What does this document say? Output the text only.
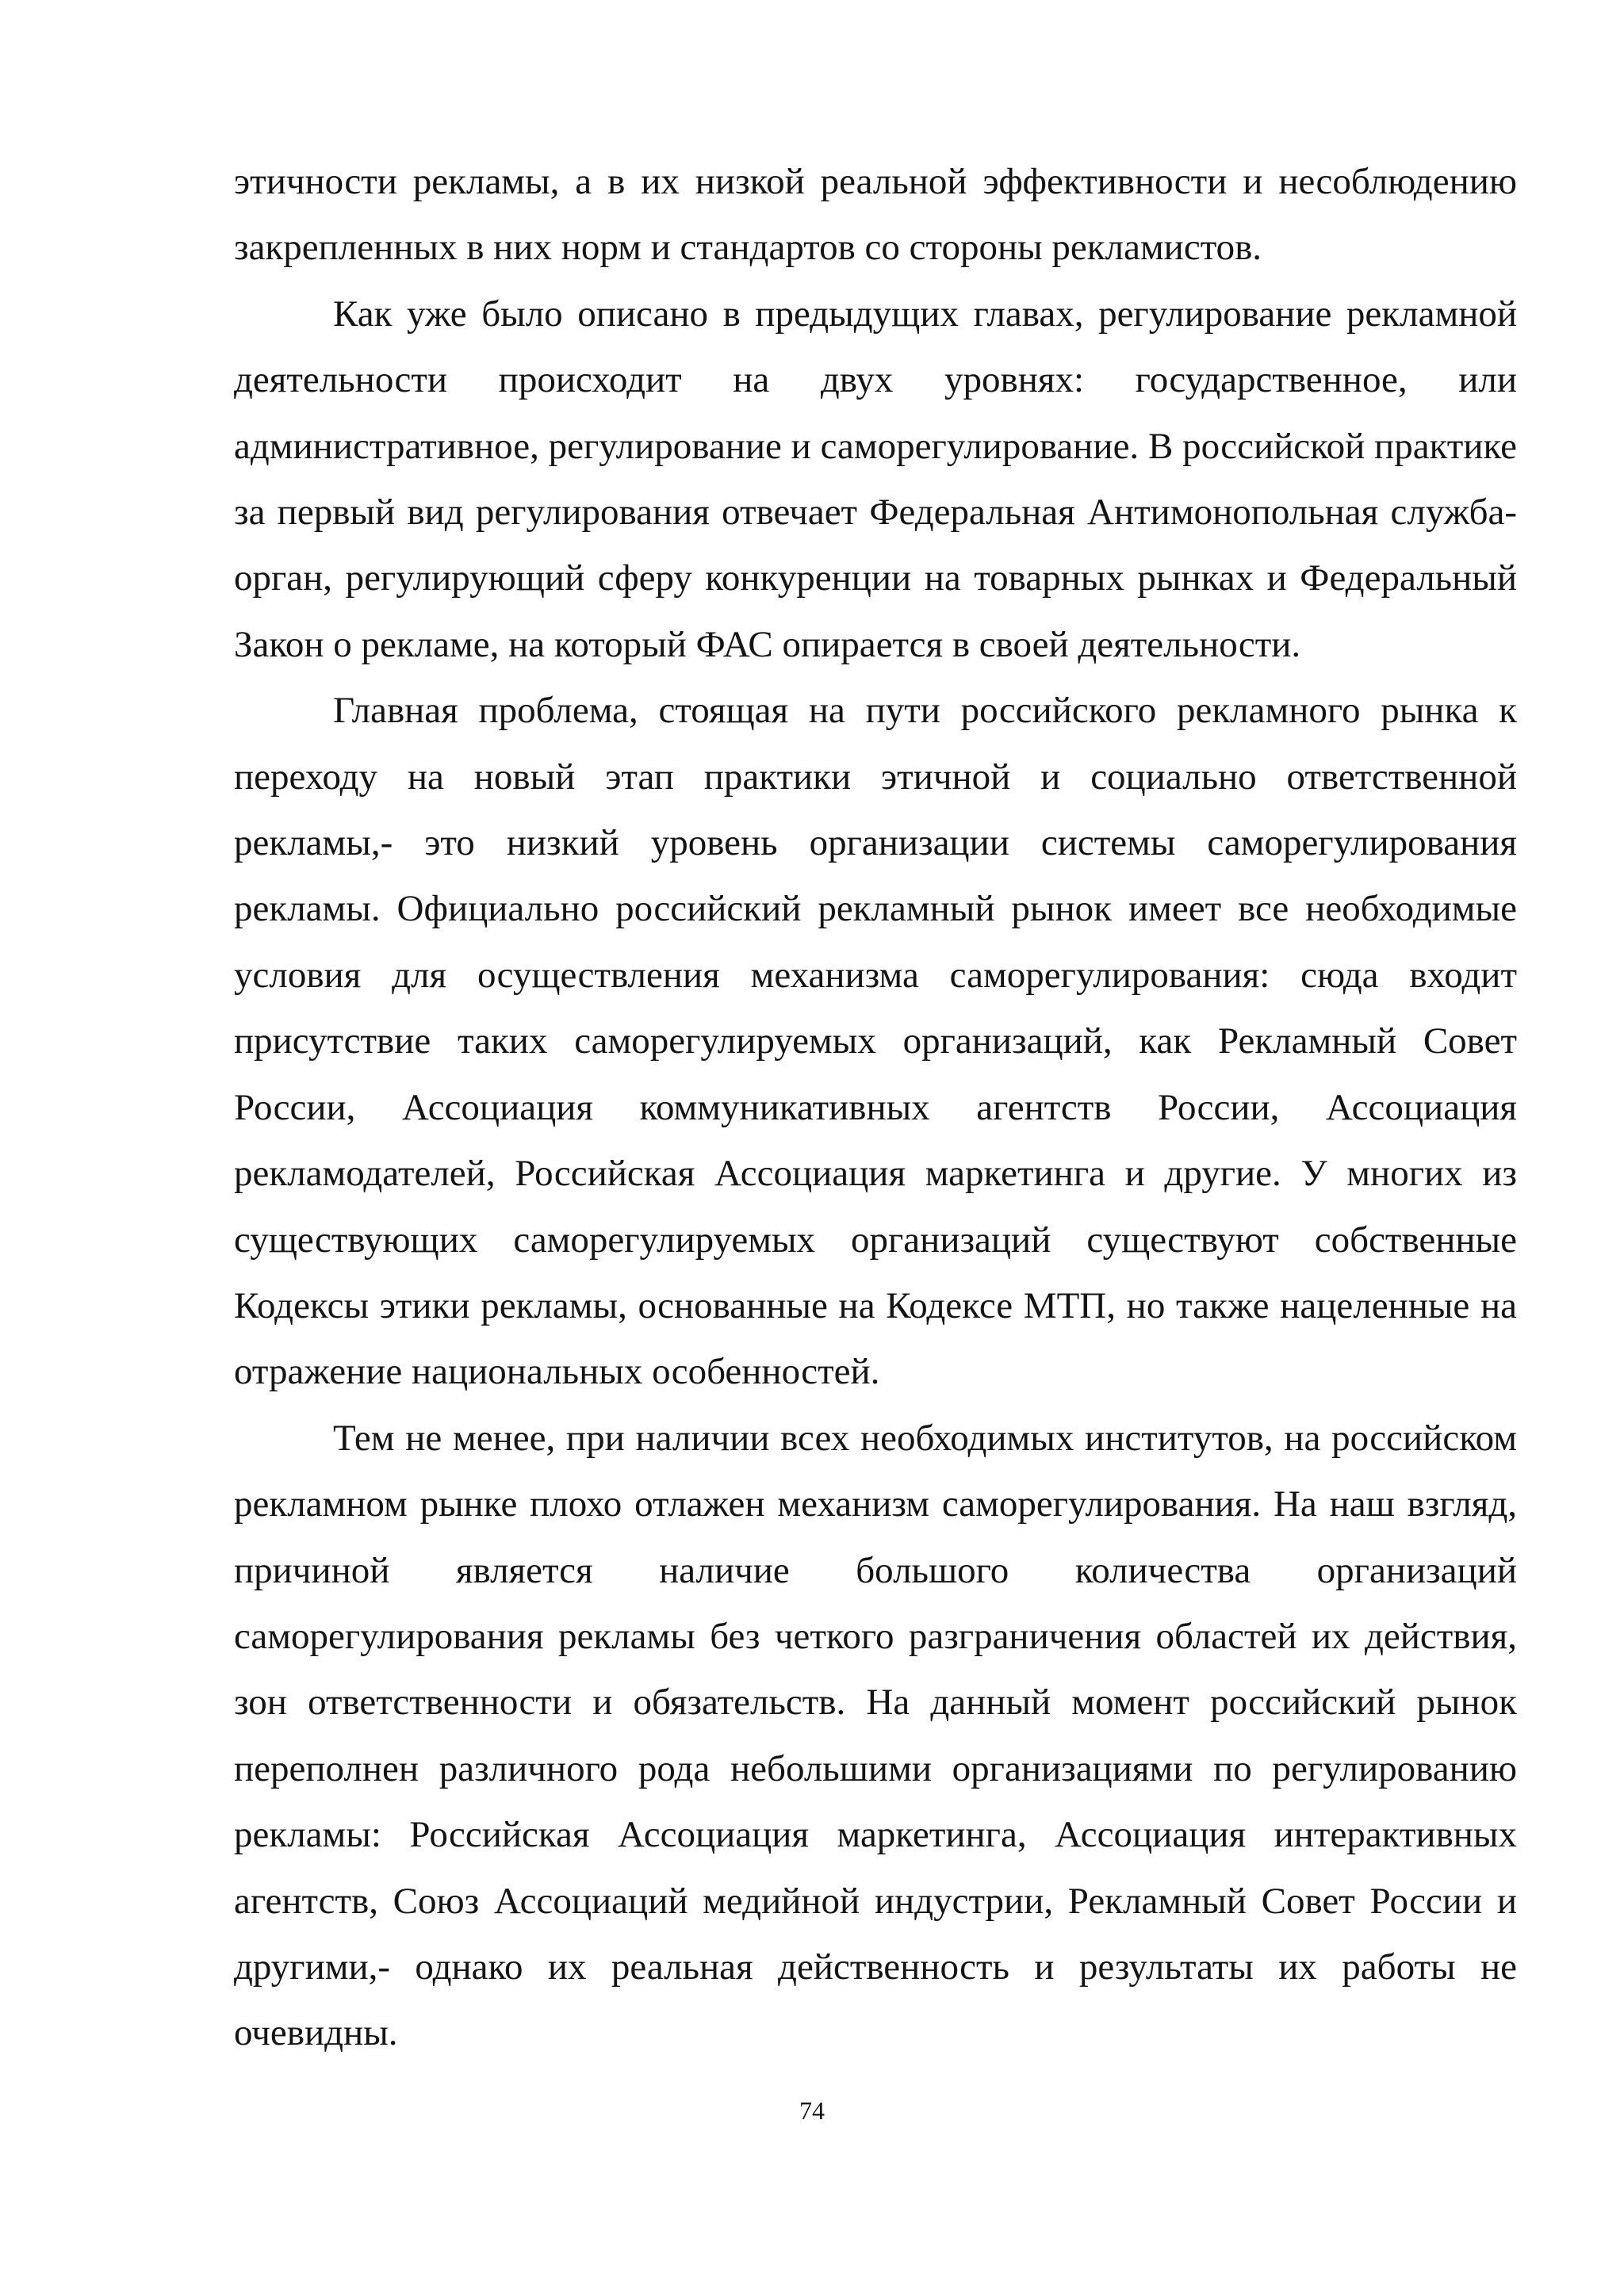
этичности рекламы, а в их низкой реальной эффективности и несоблюдению закрепленных в них норм и стандартов со стороны рекламистов.

Как уже было описано в предыдущих главах, регулирование рекламной деятельности происходит на двух уровнях: государственное, или административное, регулирование и саморегулирование. В российской практике за первый вид регулирования отвечает Федеральная Антимонопольная служба- орган, регулирующий сферу конкуренции на товарных рынках и Федеральный Закон о рекламе, на который ФАС опирается в своей деятельности.

Главная проблема, стоящая на пути российского рекламного рынка к переходу на новый этап практики этичной и социально ответственной рекламы,- это низкий уровень организации системы саморегулирования рекламы. Официально российский рекламный рынок имеет все необходимые условия для осуществления механизма саморегулирования: сюда входит присутствие таких саморегулируемых организаций, как Рекламный Совет России, Ассоциация коммуникативных агентств России, Ассоциация рекламодателей, Российская Ассоциация маркетинга и другие. У многих из существующих саморегулируемых организаций существуют собственные Кодексы этики рекламы, основанные на Кодексе МТП, но также нацеленные на отражение национальных особенностей.

Тем не менее, при наличии всех необходимых институтов, на российском рекламном рынке плохо отлажен механизм саморегулирования. На наш взгляд, причиной является наличие большого количества организаций саморегулирования рекламы без четкого разграничения областей их действия, зон ответственности и обязательств. На данный момент российский рынок переполнен различного рода небольшими организациями по регулированию рекламы: Российская Ассоциация маркетинга, Ассоциация интерактивных агентств, Союз Ассоциаций медийной индустрии, Рекламный Совет России и другими,- однако их реальная действенность и результаты их работы не очевидны.

74
